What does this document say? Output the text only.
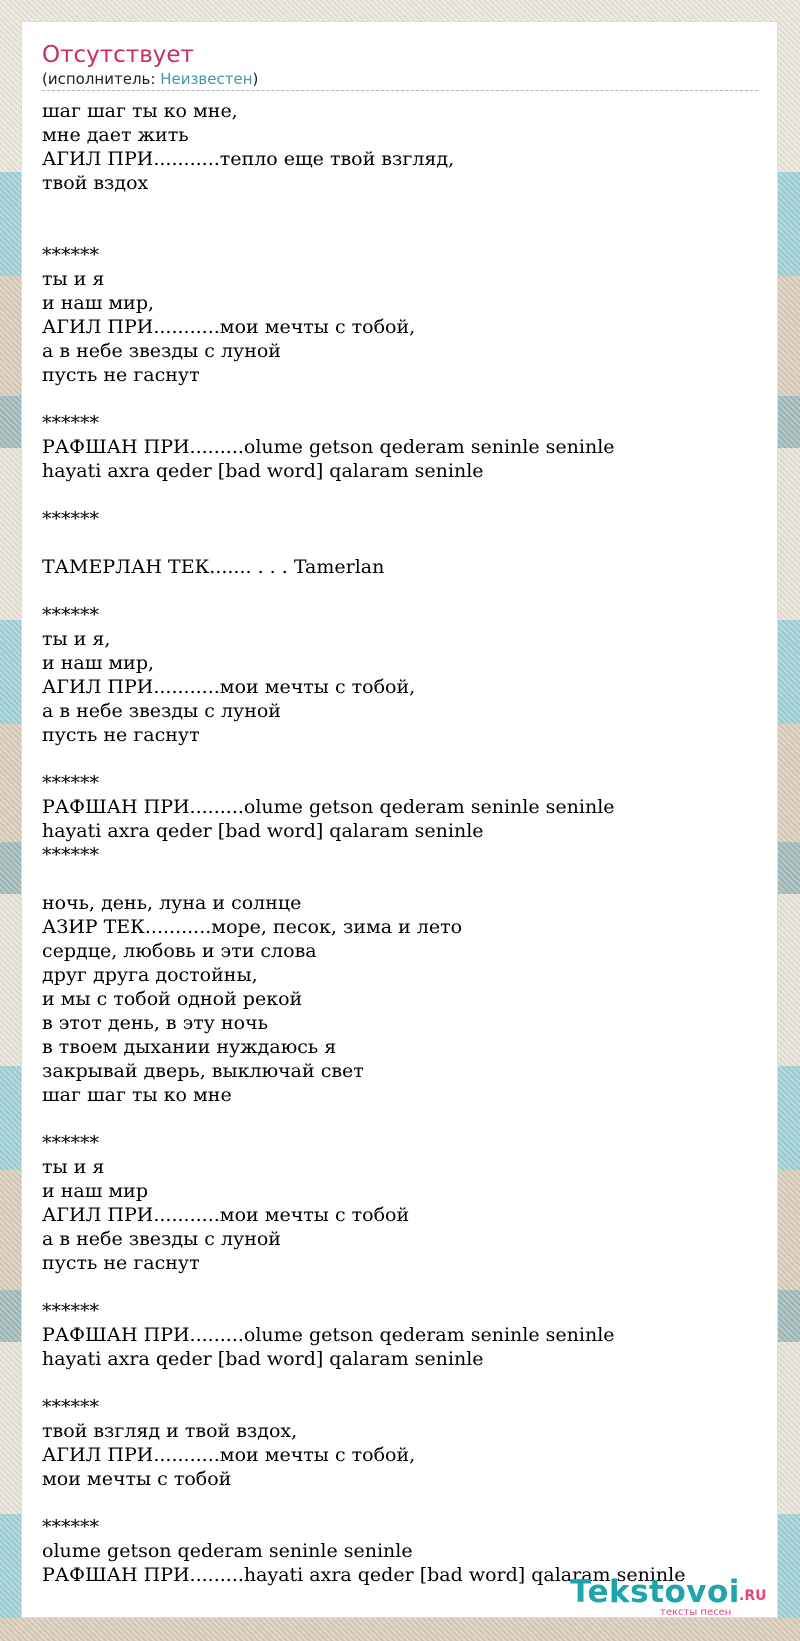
Отсутствует
(исполнитель: Неизвестен)
шаг шаг ты ко мне,
мне дает жить
АГИЛ ПРИ...........тепло еще твой взгляд,
твой вздох
******
ты и я
и наш мир,
АГИЛ ПРИ...........мои мечты с тобой,
а в небе звезды с луной
пусть не гаснут
******
РАФШАН ПРИ.........olume getson qederam seninle seninle
hayati axra qeder [bad word] qalaram seninle
******
ТАМЕРЛАН ТЕК....... . . . Tamerlan
******
ты и я,
и наш мир,
АГИЛ ПРИ...........мои мечты с тобой,
а в небе звезды с луной
пусть не гаснут
******
РАФШАН ПРИ.........olume getson qederam seninle seninle
hayati axra qeder [bad word] qalaram seninle
******
ночь, день, луна и солнце
АЗИР ТЕК...........море, песок, зима и лето
сердце, любовь и эти слова
друг друга достойны,
и мы с тобой одной рекой
в этот день, в эту ночь
в твоем дыхании нуждаюсь я
закрывай дверь, выключай свет
шаг шаг ты ко мне
******
ты и я
и наш мир
АГИЛ ПРИ...........мои мечты с тобой
а в небе звезды с луной
пусть не гаснут
******
РАФШАН ПРИ.........olume getson qederam seninle seninle
hayati axra qeder [bad word] qalaram seninle
******
твой взгляд и твой вздох,
АГИЛ ПРИ...........мои мечты с тобой,
мои мечты с тобой
******
olume getson qederam seninle seninle
РАФШАН ПРИ.........hayati axra qeder [bad word] qalaram seninle
Tekstovoi .RU
тексты песен
